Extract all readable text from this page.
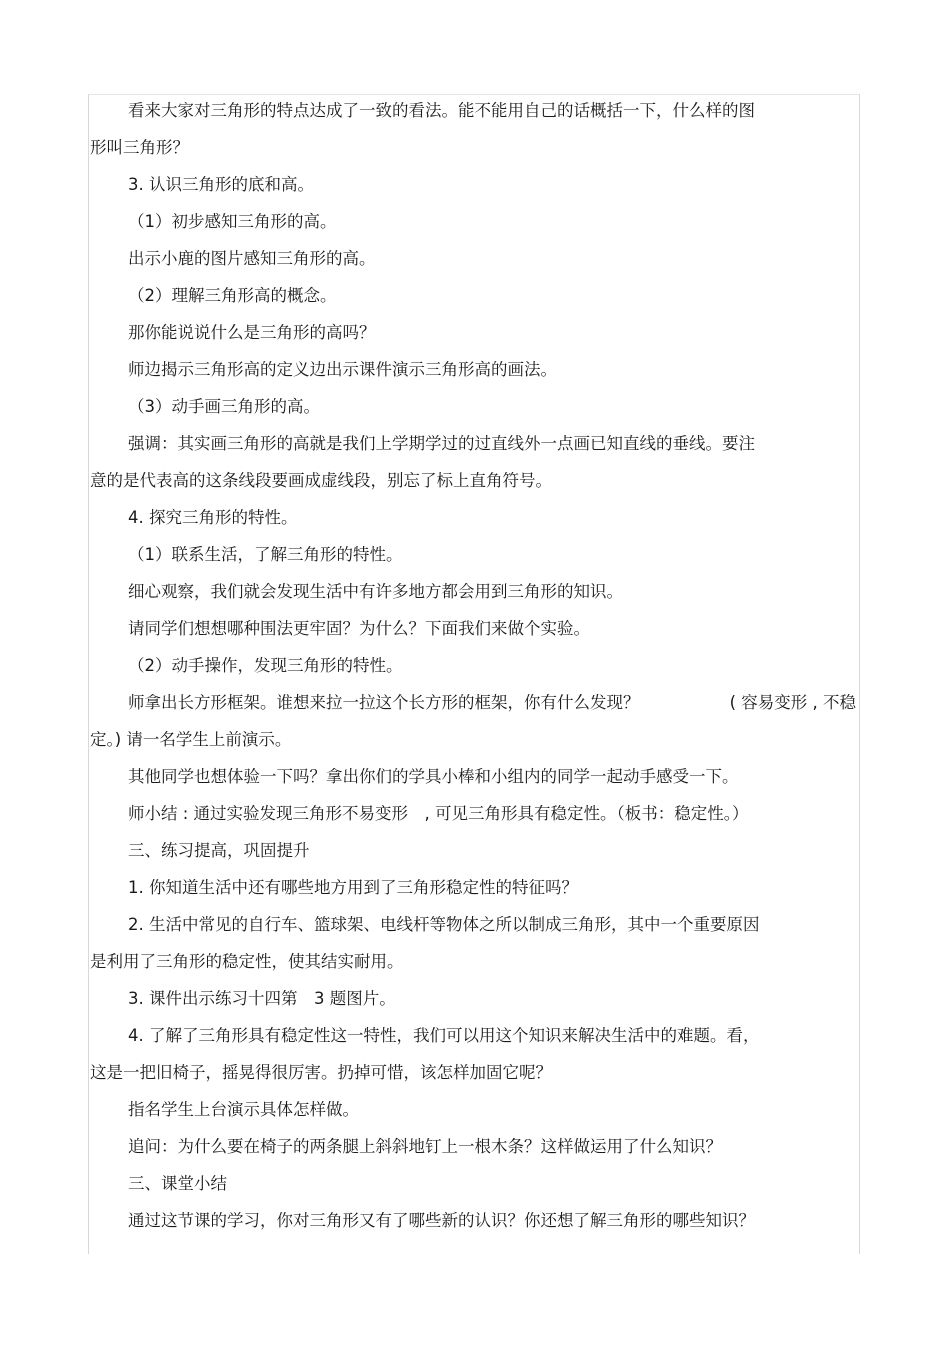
看来大家对三角形的特点达成了一致的看法。能不能用自己的话概括一下，什么样的图

形叫三角形？

3. 认识三角形的底和高。

（1）初步感知三角形的高。

出示小鹿的图片感知三角形的高。

（2）理解三角形高的概念。

那你能说说什么是三角形的高吗？

师边揭示三角形高的定义边出示课件演示三角形高的画法。

（3）动手画三角形的高。

强调：其实画三角形的高就是我们上学期学过的过直线外一点画已知直线的垂线。要注

意的是代表高的这条线段要画成虚线段，别忘了标上直角符号。

4. 探究三角形的特性。

（1）联系生活，了解三角形的特性。

细心观察，我们就会发现生活中有许多地方都会用到三角形的知识。

请同学们想想哪种围法更牢固？为什么？下面我们来做个实验。

（2）动手操作，发现三角形的特性。

师拿出长方形框架。谁想来拉一拉这个长方形的框架，你有什么发现？	( 容易变形 , 不稳

定。) 请一名学生上前演示。

其他同学也想体验一下吗？拿出你们的学具小棒和小组内的同学一起动手感受一下。

师小结 : 通过实验发现三角形不易变形　, 可见三角形具有稳定性。（板书：稳定性。）

三、练习提高，巩固提升

1. 你知道生活中还有哪些地方用到了三角形稳定性的特征吗？

2. 生活中常见的自行车、篮球架、电线杆等物体之所以制成三角形，其中一个重要原因

是利用了三角形的稳定性，使其结实耐用。

3. 课件出示练习十四第　3 题图片。

4. 了解了三角形具有稳定性这一特性，我们可以用这个知识来解决生活中的难题。看，

这是一把旧椅子，摇晃得很厉害。扔掉可惜，该怎样加固它呢？

指名学生上台演示具体怎样做。

追问：为什么要在椅子的两条腿上斜斜地钉上一根木条？这样做运用了什么知识？

三、课堂小结

通过这节课的学习，你对三角形又有了哪些新的认识？你还想了解三角形的哪些知识？
